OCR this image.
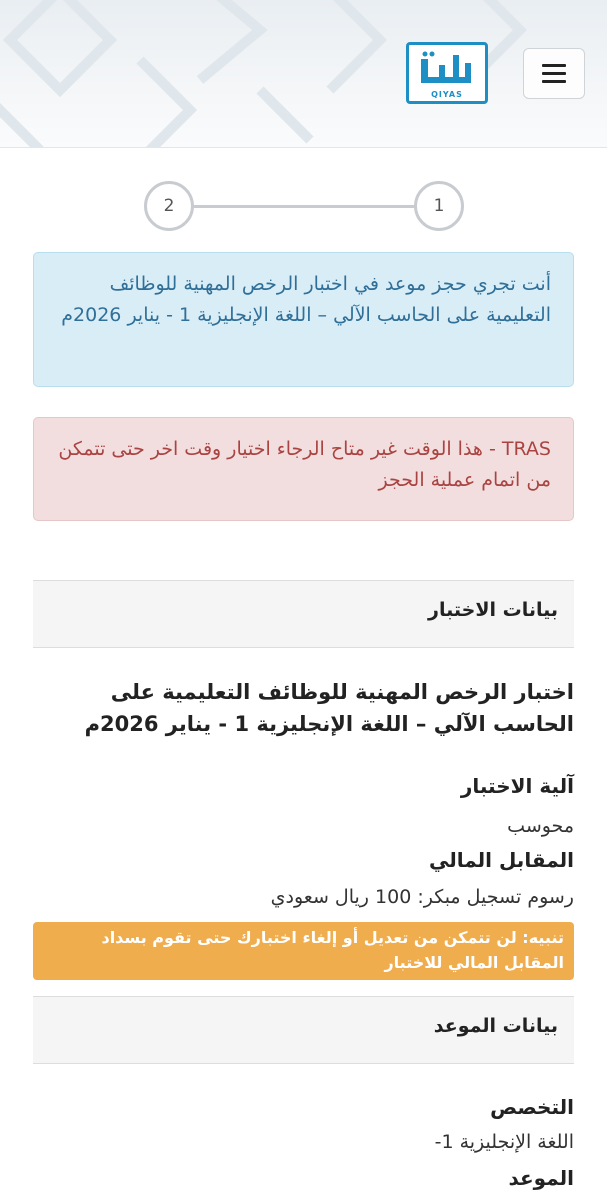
QIYAS
2	1
أنت تجري حجز موعد في اختبار الرخص المهنية للوظائف التعليمية على الحاسب الآلي – اللغة الإنجليزية 1 - يناير 2026م
TRAS - هذا الوقت غير متاح الرجاء اختيار وقت اخر حتى تتمكن من اتمام عملية الحجز
بيانات الاختبار
اختبار الرخص المهنية للوظائف التعليمية على الحاسب الآلي – اللغة الإنجليزية 1 - يناير 2026م
آلية الاختبار
محوسب
المقابل المالي
رسوم تسجيل مبكر: 100 ريال سعودي
تنبيه: لن تتمكن من تعديل أو إلغاء اختبارك حتى تقوم بسداد المقابل المالي للاختبار
بيانات الموعد
التخصص
اللغة الإنجليزية 1-
الموعد
